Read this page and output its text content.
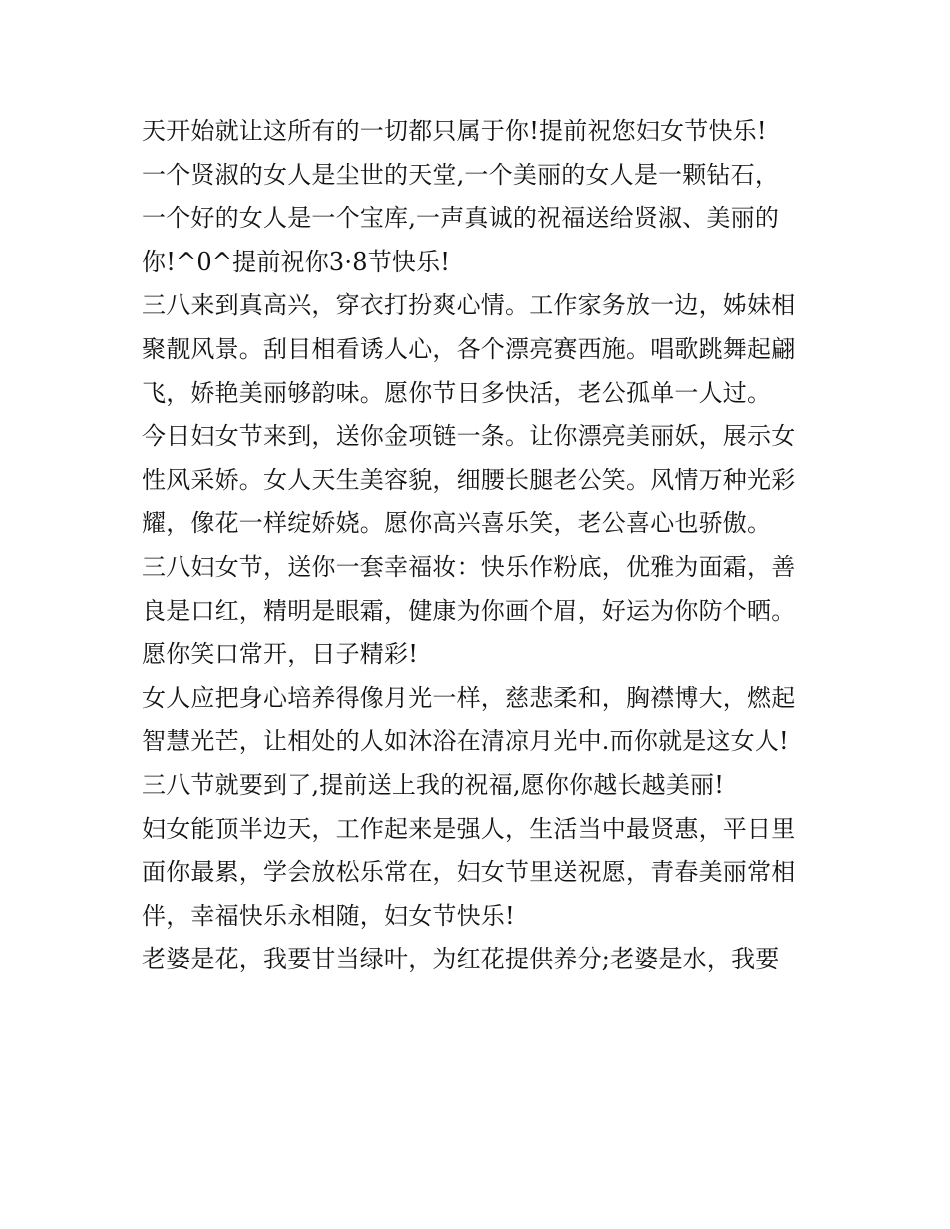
天开始就让这所有的一切都只属于你!提前祝您妇女节快乐!

一个贤淑的女人是尘世的天堂,一个美丽的女人是一颗钻石，

一个好的女人是一个宝库,一声真诚的祝福送给贤淑、美丽的

你!^0^提前祝你3·8节快乐!

三八来到真高兴，穿衣打扮爽心情。工作家务放一边，姊妹相

聚靓风景。刮目相看诱人心，各个漂亮赛西施。唱歌跳舞起翩

飞，娇艳美丽够韵味。愿你节日多快活，老公孤单一人过。

今日妇女节来到，送你金项链一条。让你漂亮美丽妖，展示女

性风采娇。女人天生美容貌，细腰长腿老公笑。风情万种光彩

耀，像花一样绽娇娆。愿你高兴喜乐笑，老公喜心也骄傲。

三八妇女节，送你一套幸福妆：快乐作粉底，优雅为面霜，善

良是口红，精明是眼霜，健康为你画个眉，好运为你防个晒。

愿你笑口常开，日子精彩!

女人应把身心培养得像月光一样，慈悲柔和，胸襟博大，燃起

智慧光芒，让相处的人如沐浴在清凉月光中.而你就是这女人!

三八节就要到了,提前送上我的祝福,愿你你越长越美丽!

妇女能顶半边天，工作起来是强人，生活当中最贤惠，平日里

面你最累，学会放松乐常在，妇女节里送祝愿，青春美丽常相

伴，幸福快乐永相随，妇女节快乐!

老婆是花，我要甘当绿叶，为红花提供养分;老婆是水，我要
